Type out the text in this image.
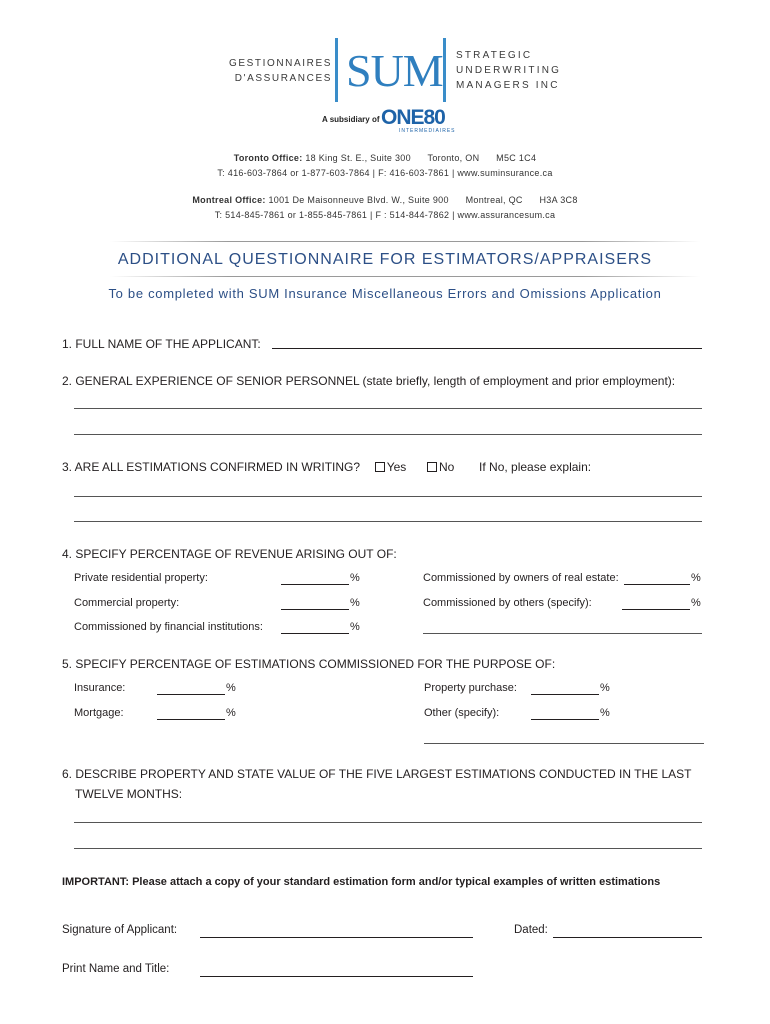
GESTIONNAIRES
D'ASSURANCES SUM STRATEGIC
UNDERWRITING
MANAGERS INC
A subsidiary of ONE80
INTERMEDIAIRES
Toronto Office: 18 King St. E., Suite 300      Toronto, ON      M5C 1C4
T: 416-603-7864 or 1-877-603-7864 | F: 416-603-7861 | www.suminsurance.ca
Montreal Office: 1001 De Maisonneuve Blvd. W., Suite 900      Montreal, QC      H3A 3C8
T: 514-845-7861 or 1-855-845-7861 | F : 514-844-7862 | www.assurancesum.ca
ADDITIONAL QUESTIONNAIRE FOR ESTIMATORS/APPRAISERS
To be completed with SUM Insurance Miscellaneous Errors and Omissions Application
1. FULL NAME OF THE APPLICANT:
2. GENERAL EXPERIENCE OF SENIOR PERSONNEL (state briefly, length of employment and prior employment):
3. ARE ALL ESTIMATIONS CONFIRMED IN WRITING? Yes	No If No, please explain:
4. SPECIFY PERCENTAGE OF REVENUE ARISING OUT OF:
Private residential property:	%
Commercial property:	%
Commissioned by financial institutions:	%
Commissioned by owners of real estate:	%
Commissioned by others (specify):	%
5. SPECIFY PERCENTAGE OF ESTIMATIONS COMMISSIONED FOR THE PURPOSE OF:
Insurance:	%
Mortgage:	%
Property purchase:	%
Other (specify):	%
6. DESCRIBE PROPERTY AND STATE VALUE OF THE FIVE LARGEST ESTIMATIONS CONDUCTED IN THE LAST
TWELVE MONTHS:
IMPORTANT: Please attach a copy of your standard estimation form and/or typical examples of written estimations
Signature of Applicant:	Dated:
Print Name and Title:
